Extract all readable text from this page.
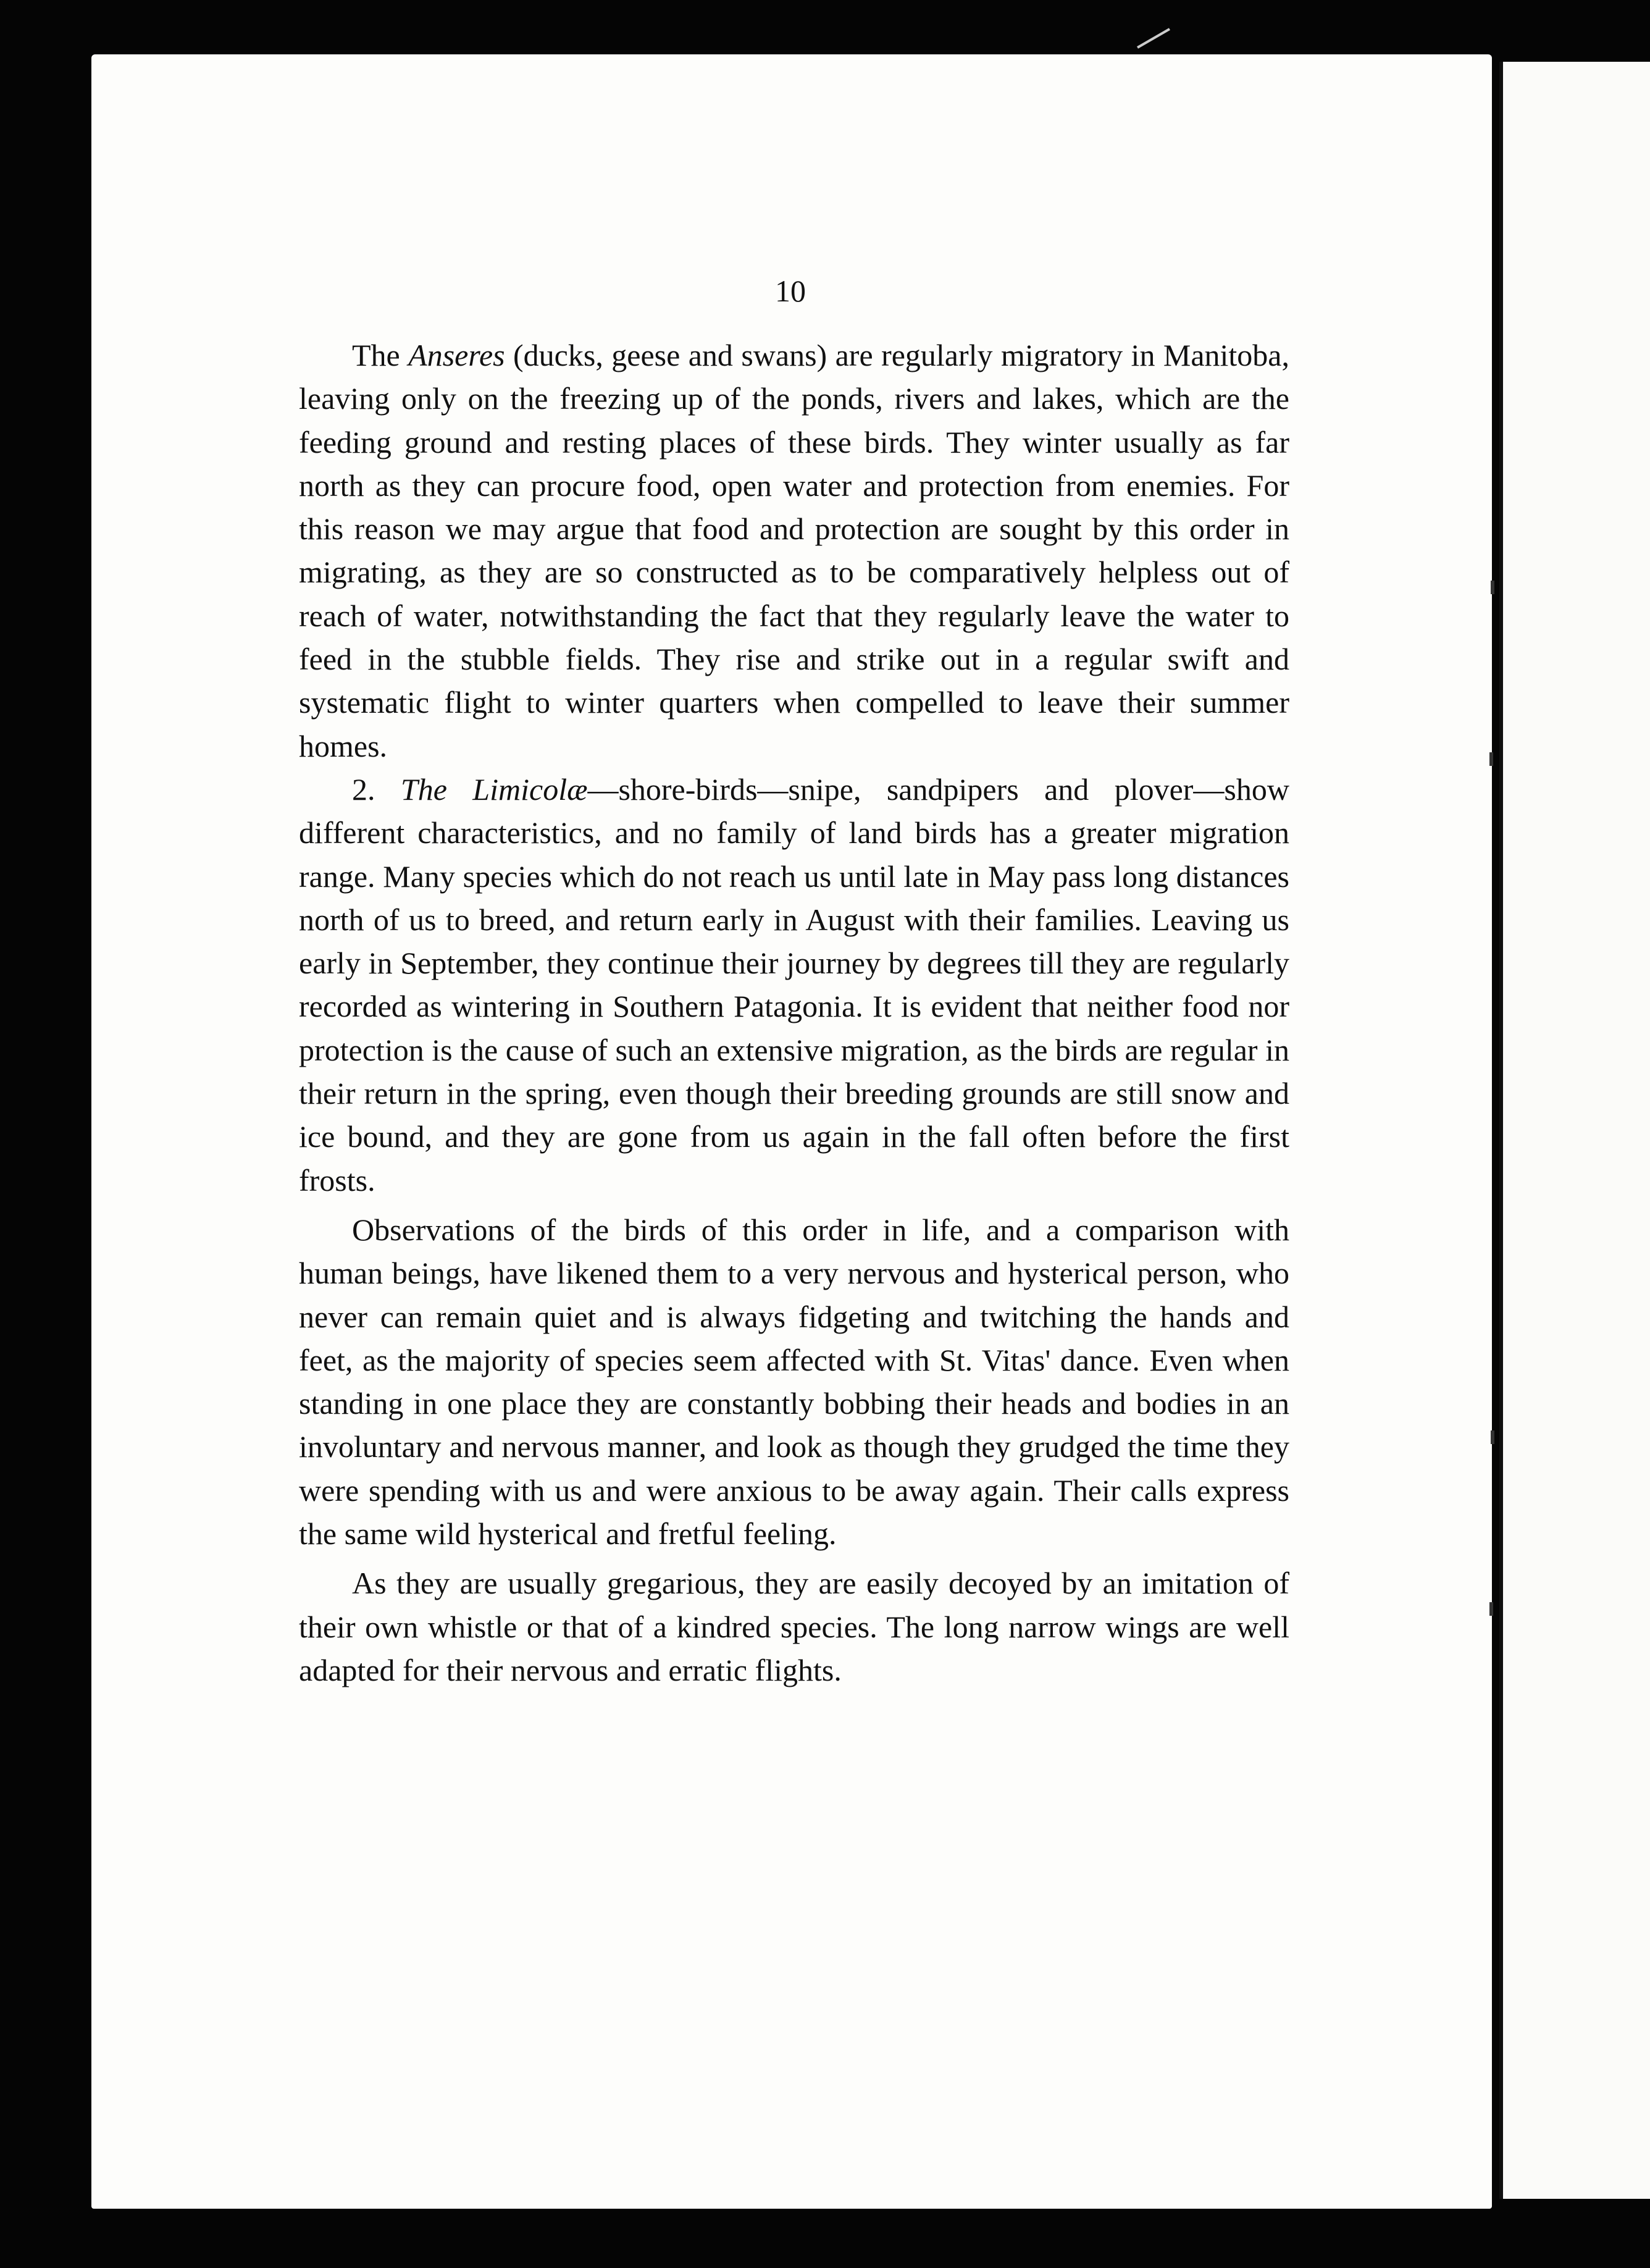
10

The Anseres (ducks, geese and swans) are regularly migratory in Manitoba, leaving only on the freezing up of the ponds, rivers and lakes, which are the feeding ground and resting places of these birds. They winter usually as far north as they can procure food, open water and protection from enemies. For this reason we may argue that food and protection are sought by this order in migrating, as they are so constructed as to be comparatively helpless out of reach of water, notwithstanding the fact that they regularly leave the water to feed in the stubble fields. They rise and strike out in a regular swift and systematic flight to winter quarters when compelled to leave their summer homes.

2. The Limicolæ—shore-birds—snipe, sandpipers and plover—show different characteristics, and no family of land birds has a greater migration range. Many species which do not reach us until late in May pass long distances north of us to breed, and return early in August with their families. Leaving us early in September, they continue their journey by degrees till they are regularly recorded as wintering in Southern Patagonia. It is evident that neither food nor protection is the cause of such an extensive migration, as the birds are regular in their return in the spring, even though their breeding grounds are still snow and ice bound, and they are gone from us again in the fall often before the first frosts.

Observations of the birds of this order in life, and a comparison with human beings, have likened them to a very nervous and hysterical person, who never can remain quiet and is always fidgeting and twitching the hands and feet, as the majority of species seem affected with St. Vitas' dance. Even when standing in one place they are constantly bobbing their heads and bodies in an involuntary and nervous manner, and look as though they grudged the time they were spending with us and were anxious to be away again. Their calls express the same wild hysterical and fretful feeling.

As they are usually gregarious, they are easily decoyed by an imitation of their own whistle or that of a kindred species. The long narrow wings are well adapted for their nervous and erratic flights.
